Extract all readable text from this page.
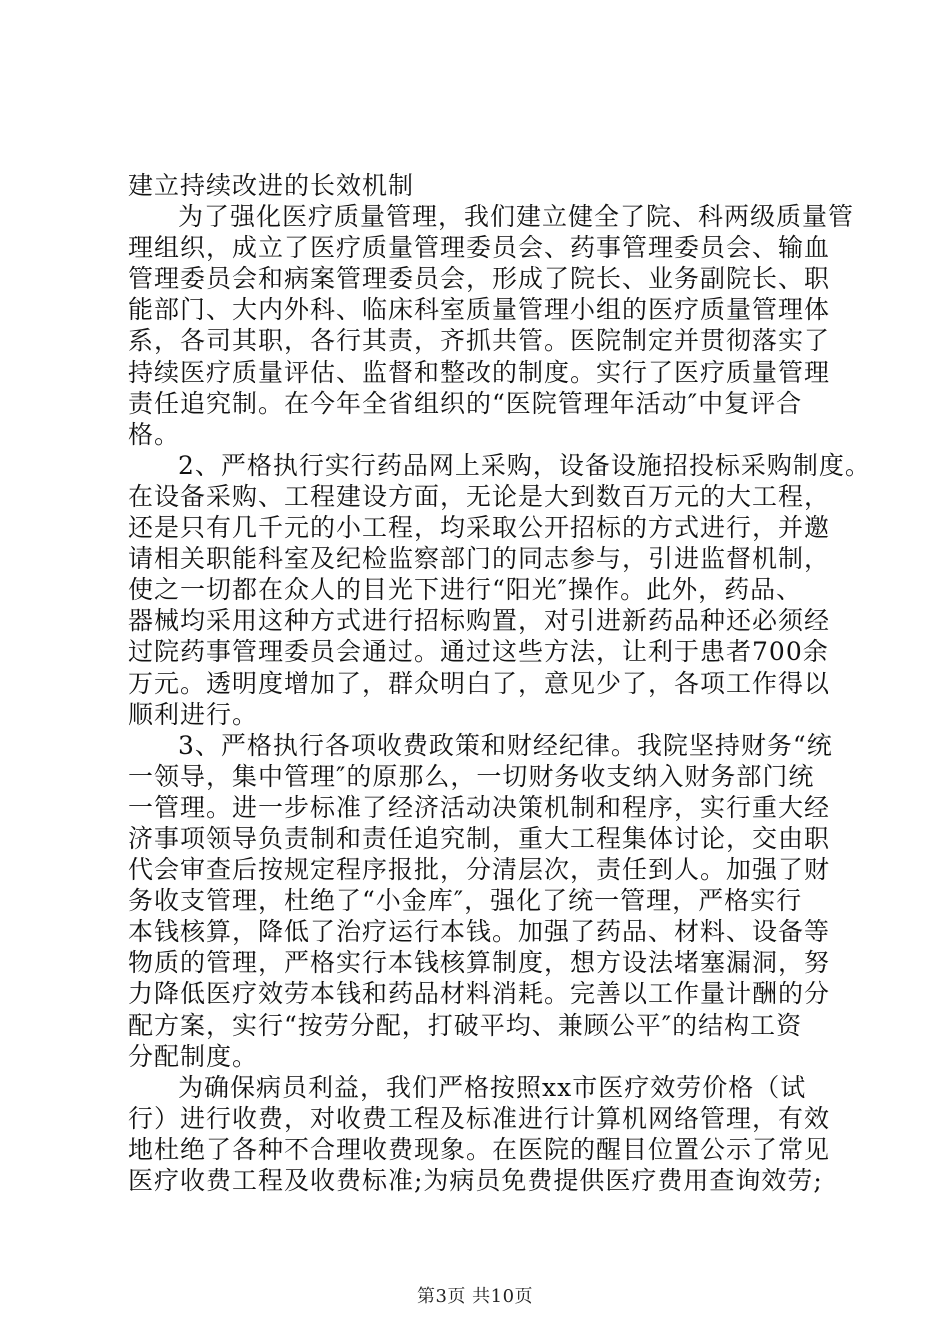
建立持续改进的长效机制
为了强化医疗质量管理，我们建立健全了院、科两级质量管
理组织，成立了医疗质量管理委员会、药事管理委员会、输血
管理委员会和病案管理委员会，形成了院长、业务副院长、职
能部门、大内外科、临床科室质量管理小组的医疗质量管理体
系，各司其职，各行其责，齐抓共管。医院制定并贯彻落实了
持续医疗质量评估、监督和整改的制度。实行了医疗质量管理
责任追究制。在今年全省组织的“医院管理年活动″中复评合
格。
2、严格执行实行药品网上采购，设备设施招投标采购制度。
在设备采购、工程建设方面，无论是大到数百万元的大工程，
还是只有几千元的小工程，均采取公开招标的方式进行，并邀
请相关职能科室及纪检监察部门的同志参与，引进监督机制，
使之一切都在众人的目光下进行“阳光″操作。此外，药品、
器械均采用这种方式进行招标购置，对引进新药品种还必须经
过院药事管理委员会通过。通过这些方法，让利于患者700余
万元。透明度增加了，群众明白了，意见少了，各项工作得以
顺利进行。
3、严格执行各项收费政策和财经纪律。我院坚持财务“统
一领导，集中管理″的原那么，一切财务收支纳入财务部门统
一管理。进一步标准了经济活动决策机制和程序，实行重大经
济事项领导负责制和责任追究制，重大工程集体讨论，交由职
代会审查后按规定程序报批，分清层次，责任到人。加强了财
务收支管理，杜绝了“小金库″，强化了统一管理，严格实行
本钱核算，降低了治疗运行本钱。加强了药品、材料、设备等
物质的管理，严格实行本钱核算制度，想方设法堵塞漏洞，努
力降低医疗效劳本钱和药品材料消耗。完善以工作量计酬的分
配方案，实行“按劳分配，打破平均、兼顾公平″的结构工资
分配制度。
为确保病员利益，我们严格按照xx市医疗效劳价格（试
行）进行收费，对收费工程及标准进行计算机网络管理，有效
地杜绝了各种不合理收费现象。在医院的醒目位置公示了常见
医疗收费工程及收费标准;为病员免费提供医疗费用查询效劳;
第3页 共10页
